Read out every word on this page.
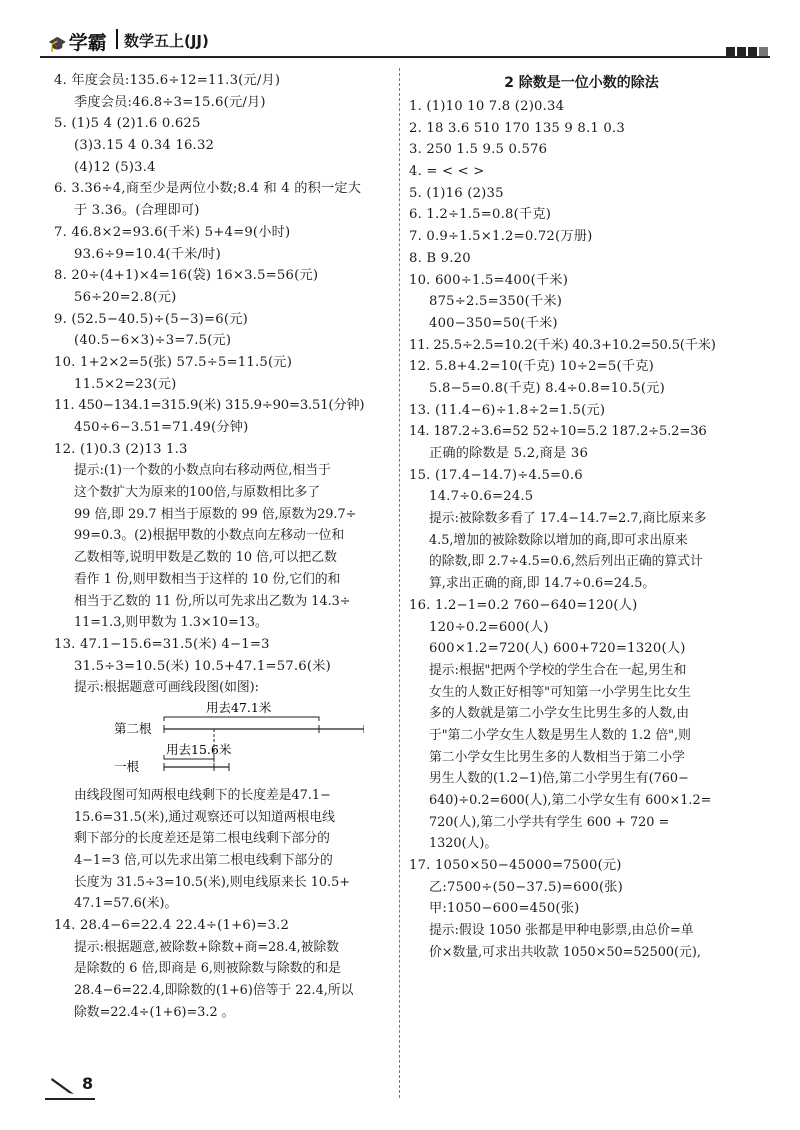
🎓 学霸 数学五上(JJ)
4. 年度会员:135.6÷12=11.3(元/月)
季度会员:46.8÷3=15.6(元/月)
5. (1)5 4 (2)1.6 0.625
(3)3.15 4 0.34 16.32
(4)12 (5)3.4
6. 3.36÷4,商至少是两位小数;8.4 和 4 的积一定大
于 3.36。(合理即可)
7. 46.8×2=93.6(千米) 5+4=9(小时)
93.6÷9=10.4(千米/时)
8. 20÷(4+1)×4=16(袋) 16×3.5=56(元)
56÷20=2.8(元)
9. (52.5−40.5)÷(5−3)=6(元)
(40.5−6×3)÷3=7.5(元)
10. 1+2×2=5(张) 57.5÷5=11.5(元)
11.5×2=23(元)
11. 450−134.1=315.9(米) 315.9÷90=3.51(分钟)
450÷6−3.51=71.49(分钟)
12. (1)0.3 (2)13 1.3
提示:(1)一个数的小数点向右移动两位,相当于
这个数扩大为原来的100倍,与原数相比多了
99 倍,即 29.7 相当于原数的 99 倍,原数为29.7÷
99=0.3。(2)根据甲数的小数点向左移动一位和
乙数相等,说明甲数是乙数的 10 倍,可以把乙数
看作 1 份,则甲数相当于这样的 10 份,它们的和
相当于乙数的 11 份,所以可先求出乙数为 14.3÷
11=1.3,则甲数为 1.3×10=13。
13. 47.1−15.6=31.5(米) 4−1=3
31.5÷3=10.5(米) 10.5+47.1=57.6(米)
提示:根据题意可画线段图(如图):
用去47.1米
第二根
用去15.6米
一根
由线段图可知两根电线剩下的长度差是47.1−
15.6=31.5(米),通过观察还可以知道两根电线
剩下部分的长度差还是第二根电线剩下部分的
4−1=3 倍,可以先求出第二根电线剩下部分的
长度为 31.5÷3=10.5(米),则电线原来长 10.5+
47.1=57.6(米)。
14. 28.4−6=22.4 22.4÷(1+6)=3.2
提示:根据题意,被除数+除数+商=28.4,被除数
是除数的 6 倍,即商是 6,则被除数与除数的和是
28.4−6=22.4,即除数的(1+6)倍等于 22.4,所以
除数=22.4÷(1+6)=3.2 。
2 除数是一位小数的除法
1. (1)10 10 7.8 (2)0.34
2. 18 3.6 510 170 135 9 8.1 0.3
3. 250 1.5 9.5 0.576
4. = < < >
5. (1)16 (2)35
6. 1.2÷1.5=0.8(千克)
7. 0.9÷1.5×1.2=0.72(万册)
8. B 9.20
10. 600÷1.5=400(千米)
875÷2.5=350(千米)
400−350=50(千米)
11. 25.5÷2.5=10.2(千米) 40.3+10.2=50.5(千米)
12. 5.8+4.2=10(千克) 10÷2=5(千克)
5.8−5=0.8(千克) 8.4÷0.8=10.5(元)
13. (11.4−6)÷1.8÷2=1.5(元)
14. 187.2÷3.6=52 52÷10=5.2 187.2÷5.2=36
正确的除数是 5.2,商是 36
15. (17.4−14.7)÷4.5=0.6
14.7÷0.6=24.5
提示:被除数多看了 17.4−14.7=2.7,商比原来多
4.5,增加的被除数除以增加的商,即可求出原来
的除数,即 2.7÷4.5=0.6,然后列出正确的算式计
算,求出正确的商,即 14.7÷0.6=24.5。
16. 1.2−1=0.2 760−640=120(人)
120÷0.2=600(人)
600×1.2=720(人) 600+720=1320(人)
提示:根据"把两个学校的学生合在一起,男生和
女生的人数正好相等"可知第一小学男生比女生
多的人数就是第二小学女生比男生多的人数,由
于"第二小学女生人数是男生人数的 1.2 倍",则
第二小学女生比男生多的人数相当于第二小学
男生人数的(1.2−1)倍,第二小学男生有(760−
640)÷0.2=600(人),第二小学女生有 600×1.2=
720(人),第二小学共有学生 600 + 720 =
1320(人)。
17. 1050×50−45000=7500(元)
乙:7500÷(50−37.5)=600(张)
甲:1050−600=450(张)
提示:假设 1050 张都是甲种电影票,由总价=单
价×数量,可求出共收款 1050×50=52500(元),
8
